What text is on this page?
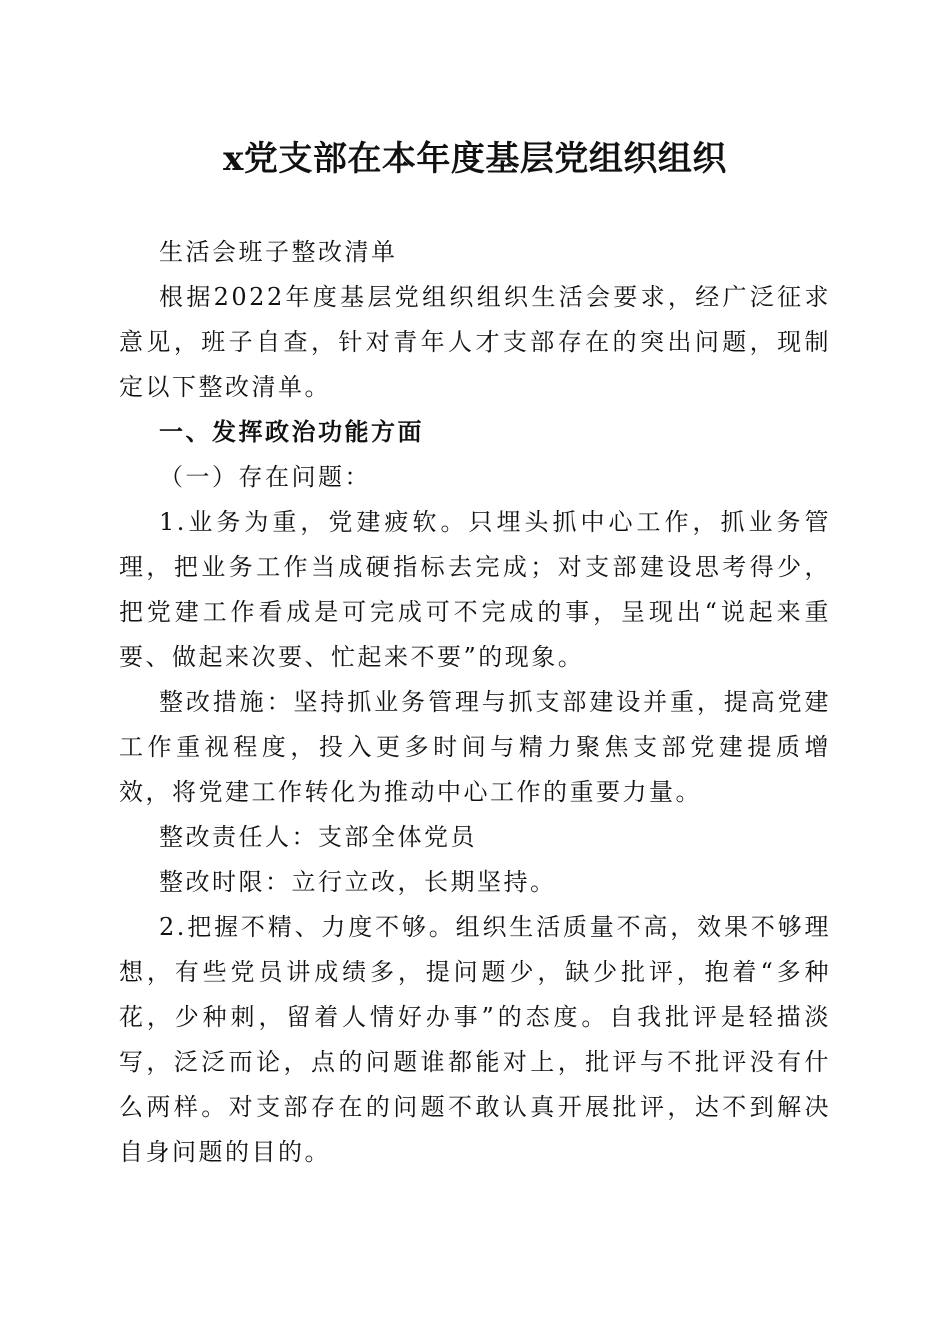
x党支部在本年度基层党组织组织

生活会班子整改清单

根据2022年度基层党组织组织生活会要求，经广泛征求意见，班子自查，针对青年人才支部存在的突出问题，现制定以下整改清单。

一、发挥政治功能方面

（一）存在问题：

1.业务为重，党建疲软。只埋头抓中心工作，抓业务管理，把业务工作当成硬指标去完成；对支部建设思考得少，把党建工作看成是可完成可不完成的事，呈现出“说起来重要、做起来次要、忙起来不要”的现象。

整改措施：坚持抓业务管理与抓支部建设并重，提高党建工作重视程度，投入更多时间与精力聚焦支部党建提质增效，将党建工作转化为推动中心工作的重要力量。

整改责任人：支部全体党员

整改时限：立行立改，长期坚持。

2.把握不精、力度不够。组织生活质量不高，效果不够理想，有些党员讲成绩多，提问题少，缺少批评，抱着“多种花，少种刺，留着人情好办事”的态度。自我批评是轻描淡写，泛泛而论，点的问题谁都能对上，批评与不批评没有什么两样。对支部存在的问题不敢认真开展批评，达不到解决自身问题的目的。
